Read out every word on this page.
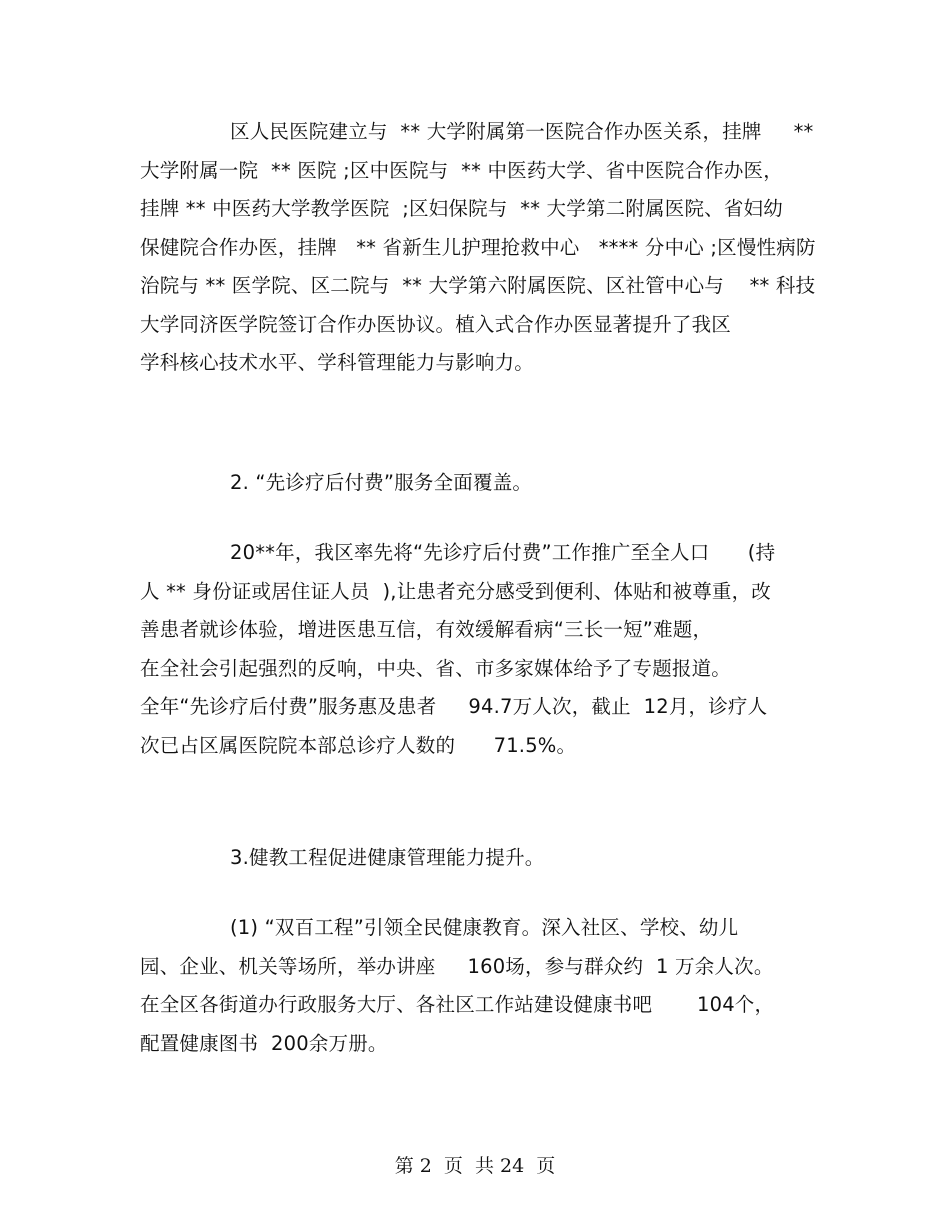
区人民医院建立与  ** 大学附属第一医院合作办医关系，挂牌     **
大学附属一院  ** 医院 ;区中医院与  ** 中医药大学、省中医院合作办医，
挂牌 ** 中医药大学教学医院  ;区妇保院与  ** 大学第二附属医院、省妇幼
保健院合作办医，挂牌   ** 省新生儿护理抢救中心   **** 分中心 ;区慢性病防
治院与 ** 医学院、区二院与  ** 大学第六附属医院、区社管中心与    ** 科技
大学同济医学院签订合作办医协议。植入式合作办医显著提升了我区
学科核心技术水平、学科管理能力与影响力。
2. “先诊疗后付费”服务全面覆盖。
20**年，我区率先将“先诊疗后付费”工作推广至全人口      (持
人 ** 身份证或居住证人员  ),让患者充分感受到便利、体贴和被尊重，改
善患者就诊体验，增进医患互信，有效缓解看病“三长一短”难题，
在全社会引起强烈的反响，中央、省、市多家媒体给予了专题报道。
全年“先诊疗后付费”服务惠及患者     94.7万人次，截止  12月，诊疗人
次已占区属医院院本部总诊疗人数的      71.5%。
3.健教工程促进健康管理能力提升。
(1) “双百工程”引领全民健康教育。深入社区、学校、幼儿
园、企业、机关等场所，举办讲座     160场，参与群众约  1 万余人次。
在全区各街道办行政服务大厅、各社区工作站建设健康书吧       104个，
配置健康图书  200余万册。
第 2  页  共 24  页
